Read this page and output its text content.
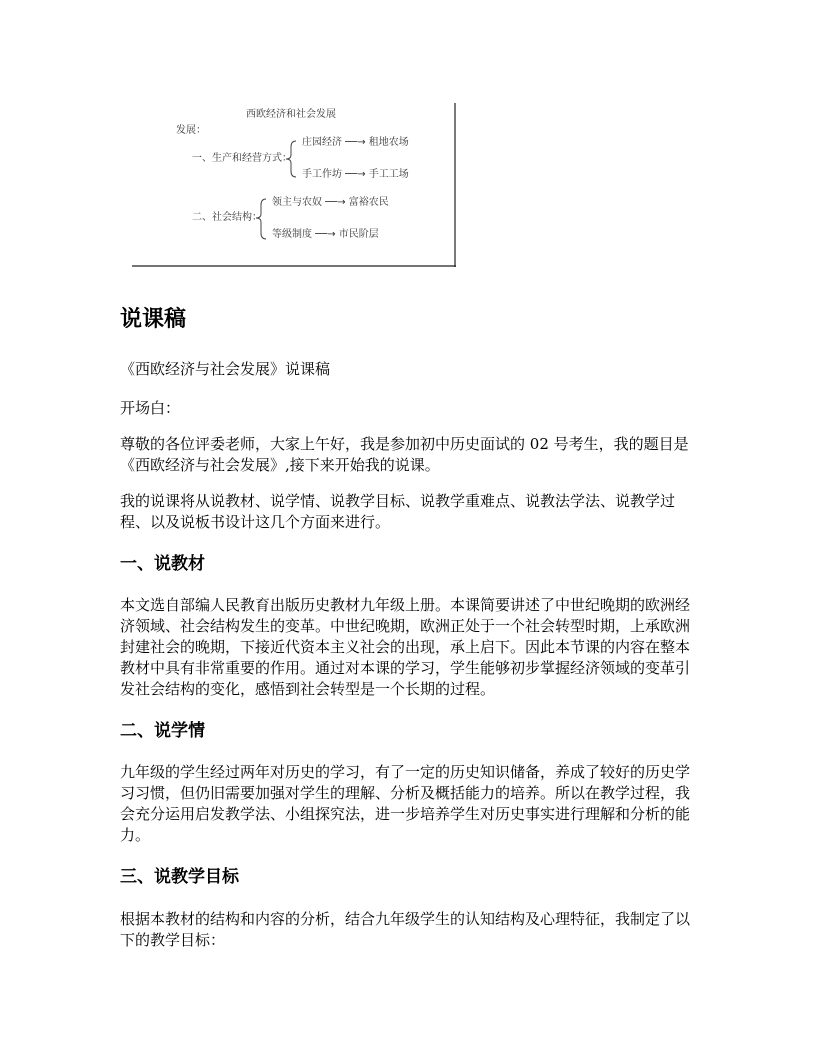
西欧经济和社会发展
发展：
一、生产和经营方式：
庄园经济 ──→ 租地农场
手工作坊 ──→ 手工工场
二、社会结构：
领主与农奴 ──→ 富裕农民
等级制度 ──→ 市民阶层
说课稿

《西欧经济与社会发展》说课稿

开场白：

尊敬的各位评委老师，大家上午好，我是参加初中历史面试的 02 号考生，我的题目是《西欧经济与社会发展》,接下来开始我的说课。

我的说课将从说教材、说学情、说教学目标、说教学重难点、说教法学法、说教学过程、以及说板书设计这几个方面来进行。

一、说教材

本文选自部编人民教育出版历史教材九年级上册。本课简要讲述了中世纪晚期的欧洲经济领域、社会结构发生的变革。中世纪晚期，欧洲正处于一个社会转型时期，上承欧洲封建社会的晚期，下接近代资本主义社会的出现，承上启下。因此本节课的内容在整本教材中具有非常重要的作用。通过对本课的学习，学生能够初步掌握经济领域的变革引发社会结构的变化，感悟到社会转型是一个长期的过程。

二、说学情

九年级的学生经过两年对历史的学习，有了一定的历史知识储备，养成了较好的历史学习习惯，但仍旧需要加强对学生的理解、分析及概括能力的培养。所以在教学过程，我会充分运用启发教学法、小组探究法，进一步培养学生对历史事实进行理解和分析的能力。

三、说教学目标

根据本教材的结构和内容的分析，结合九年级学生的认知结构及心理特征，我制定了以下的教学目标：
